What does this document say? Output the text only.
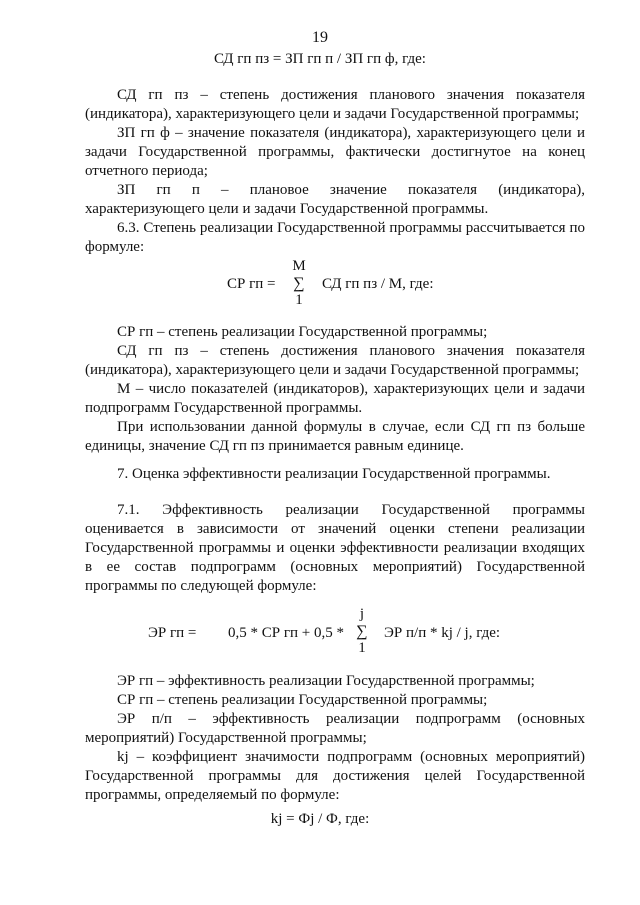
19
СД гп пз = ЗП гп п / ЗП гп ф, где:

СД гп пз – степень достижения планового значения показателя (индикатора), характеризующего цели и задачи Государственной программы;

ЗП гп ф – значение показателя (индикатора), характеризующего цели и задачи Государственной программы, фактически достигнутое на конец отчетного периода;

ЗП гп п – плановое значение показателя (индикатора), характеризующего цели и задачи Государственной программы.

6.3. Степень реализации Государственной программы рассчитывается по формуле:

СР гп =
М
∑
1
СД гп пз / М, где:

СР гп – степень реализации Государственной программы;

СД гп пз – степень достижения планового значения показателя (индикатора), характеризующего цели и задачи Государственной программы;

М – число показателей (индикаторов), характеризующих цели и задачи подпрограмм Государственной программы.

При использовании данной формулы в случае, если СД гп пз больше единицы, значение СД гп пз принимается равным единице.

7. Оценка эффективности реализации Государственной программы.

7.1. Эффективность реализации Государственной программы оценивается в зависимости от значений оценки степени реализации Государственной программы и оценки эффективности реализации входящих в ее состав подпрограмм (основных мероприятий) Государственной программы по следующей формуле:

ЭР гп = 0,5 * СР гп + 0,5 *
j
∑
1
ЭР п/п * kj / j, где:

ЭР гп – эффективность реализации Государственной программы;

СР гп – степень реализации Государственной программы;

ЭР п/п – эффективность реализации подпрограмм (основных мероприятий) Государственной программы;

kj – коэффициент значимости подпрограмм (основных мероприятий) Государственной программы для достижения целей Государственной программы, определяемый по формуле:

kj = Фj / Ф, где:
